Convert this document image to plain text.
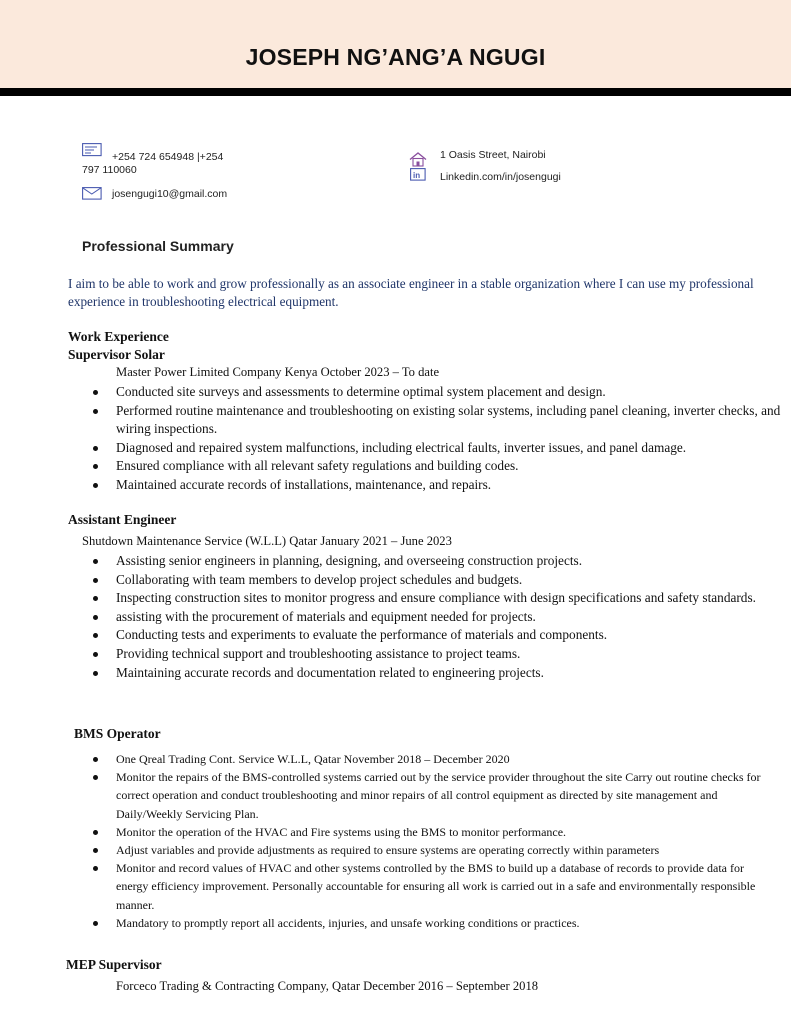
JOSEPH NG’ANG’A NGUGI
+254 724 654948 |+254
797 110060
josengugi10@gmail.com
1 Oasis Street, Nairobi
in Linkedin.com/in/josengugi
Professional Summary
I aim to be able to work and grow professionally as an associate engineer in a stable organization where I can use my professional experience in troubleshooting electrical equipment.
Work Experience
Supervisor Solar
Master Power Limited Company Kenya October 2023 – To date
Conducted site surveys and assessments to determine optimal system placement and design.
Performed routine maintenance and troubleshooting on existing solar systems, including panel cleaning, inverter checks, and wiring inspections.
Diagnosed and repaired system malfunctions, including electrical faults, inverter issues, and panel damage.
Ensured compliance with all relevant safety regulations and building codes.
Maintained accurate records of installations, maintenance, and repairs.
Assistant Engineer
Shutdown Maintenance Service (W.L.L) Qatar January 2021 – June 2023
Assisting senior engineers in planning, designing, and overseeing construction projects.
Collaborating with team members to develop project schedules and budgets.
Inspecting construction sites to monitor progress and ensure compliance with design specifications and safety standards.
assisting with the procurement of materials and equipment needed for projects.
Conducting tests and experiments to evaluate the performance of materials and components.
Providing technical support and troubleshooting assistance to project teams.
Maintaining accurate records and documentation related to engineering projects.
BMS Operator
One Qreal Trading Cont. Service W.L.L, Qatar November 2018 – December 2020
Monitor the repairs of the BMS-controlled systems carried out by the service provider throughout the site Carry out routine checks for correct operation and conduct troubleshooting and minor repairs of all control equipment as directed by site management and Daily/Weekly Servicing Plan.
Monitor the operation of the HVAC and Fire systems using the BMS to monitor performance.
Adjust variables and provide adjustments as required to ensure systems are operating correctly within parameters
Monitor and record values of HVAC and other systems controlled by the BMS to build up a database of records to provide data for energy efficiency improvement. Personally accountable for ensuring all work is carried out in a safe and environmentally responsible manner.
Mandatory to promptly report all accidents, injuries, and unsafe working conditions or practices.
MEP Supervisor
Forceco Trading & Contracting Company, Qatar December 2016 – September 2018
